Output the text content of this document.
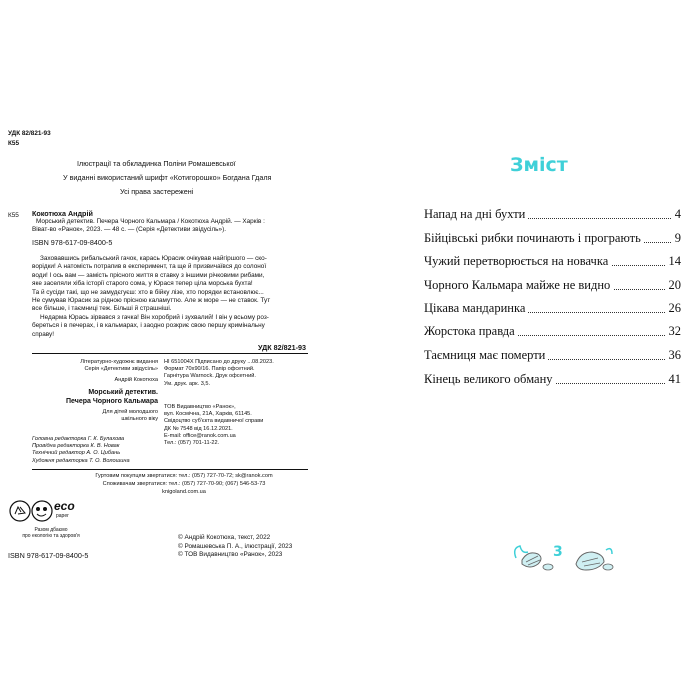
УДК 82/821-93
К55
Ілюстрації та обкладинка Поліни Ромашевської
У виданні використаний шрифт «Котигорошко» Богдана Гдаля
Усі права застережені
К55 Кокотюха Андрій
Морський детектив. Печера Чорного Кальмара / Кокотюха Андрій. — Харків :
Віват-во «Ранок», 2023. — 48 с. — (Серія «Детективи звідусіль»).
ISBN 978-617-09-8400-5
Заховавшись рибальський гачок, карась Юрасик очікував найгіршого — ско-
ворідки! А натомість потрапив в експеримент, та ще й призвичаївся до солоної
води! І ось вам — замість прісного життя в ставку з іншими річковими рибами,
яке заселяли хіба історії старого сома, у Юрася тепер ціла морська бухта!
Та й сусіди такі, що не замудєгуєш: хто в бійку лізе, хто порядки встановлює...
Не сумував Юрасик за рідною прісною каламуттю. Але ж море — не ставок. Тут
все більше, і таємниці теж. Більші й страшніші.
Недарма Юрась зірвався з гачка! Він хоробрий і зухвалий! І він у всьому роз-
береться і в печерах, і в кальмарах, і заодно розкриє свою першу кримінальну
справу!
УДК 82/821-93
Літературно-художнє видання
Серія «Детективи звідусіль»
Андрій Кокотюха
Морський детектив.
Печера Чорного Кальмара
Для дітей молодшого
шкільного віку
Головна редакторка Г. К. Булахова
Провідна редакторка К. В. Новак
Технічний редактор А. О. Цибань
Художня редакторка Т. О. Волошина
НІ 651004Х Підписано до друку ...08.2023.
Формат 70х90/16. Папір офсетний.
Гарнітура Warnock. Друк офсетний.
Ум. друк. арк. 3,5.
ТОВ Видавництво «Ранок»,
вул. Космічна, 21А, Харків, 61145.
Свідоцтво суб'єкта видавничої справи
ДК № 7548 від 16.12.2021.
E-mail: office@ranok.com.ua
Тел.: (057) 701-11-22.
Гуртовим покупцям звертатися: тел.: (057) 727-70-72; sk@ranok.com
Споживачам звертатися: тел.: (057) 727-70-90; (067) 546-53-73
knigoland.com.ua
eco
paper
Разом дбаємо
про екологію та здоров'я	© Андрій Кокотюха, текст, 2022
© Ромашевська П. А., ілюстрації, 2023
© ТОВ Видавництво «Ранок», 2023
ISBN 978-617-09-8400-5
Зміст
Напад на дні бухти	4
Бійцівські рибки починають і програють	9
Чужий перетворюється на новачка	14
Чорного Кальмара майже не видно	20
Цікава мандаринка	26
Жорстока правда	32
Таємниця має померти	36
Кінець великого обману	41
3
